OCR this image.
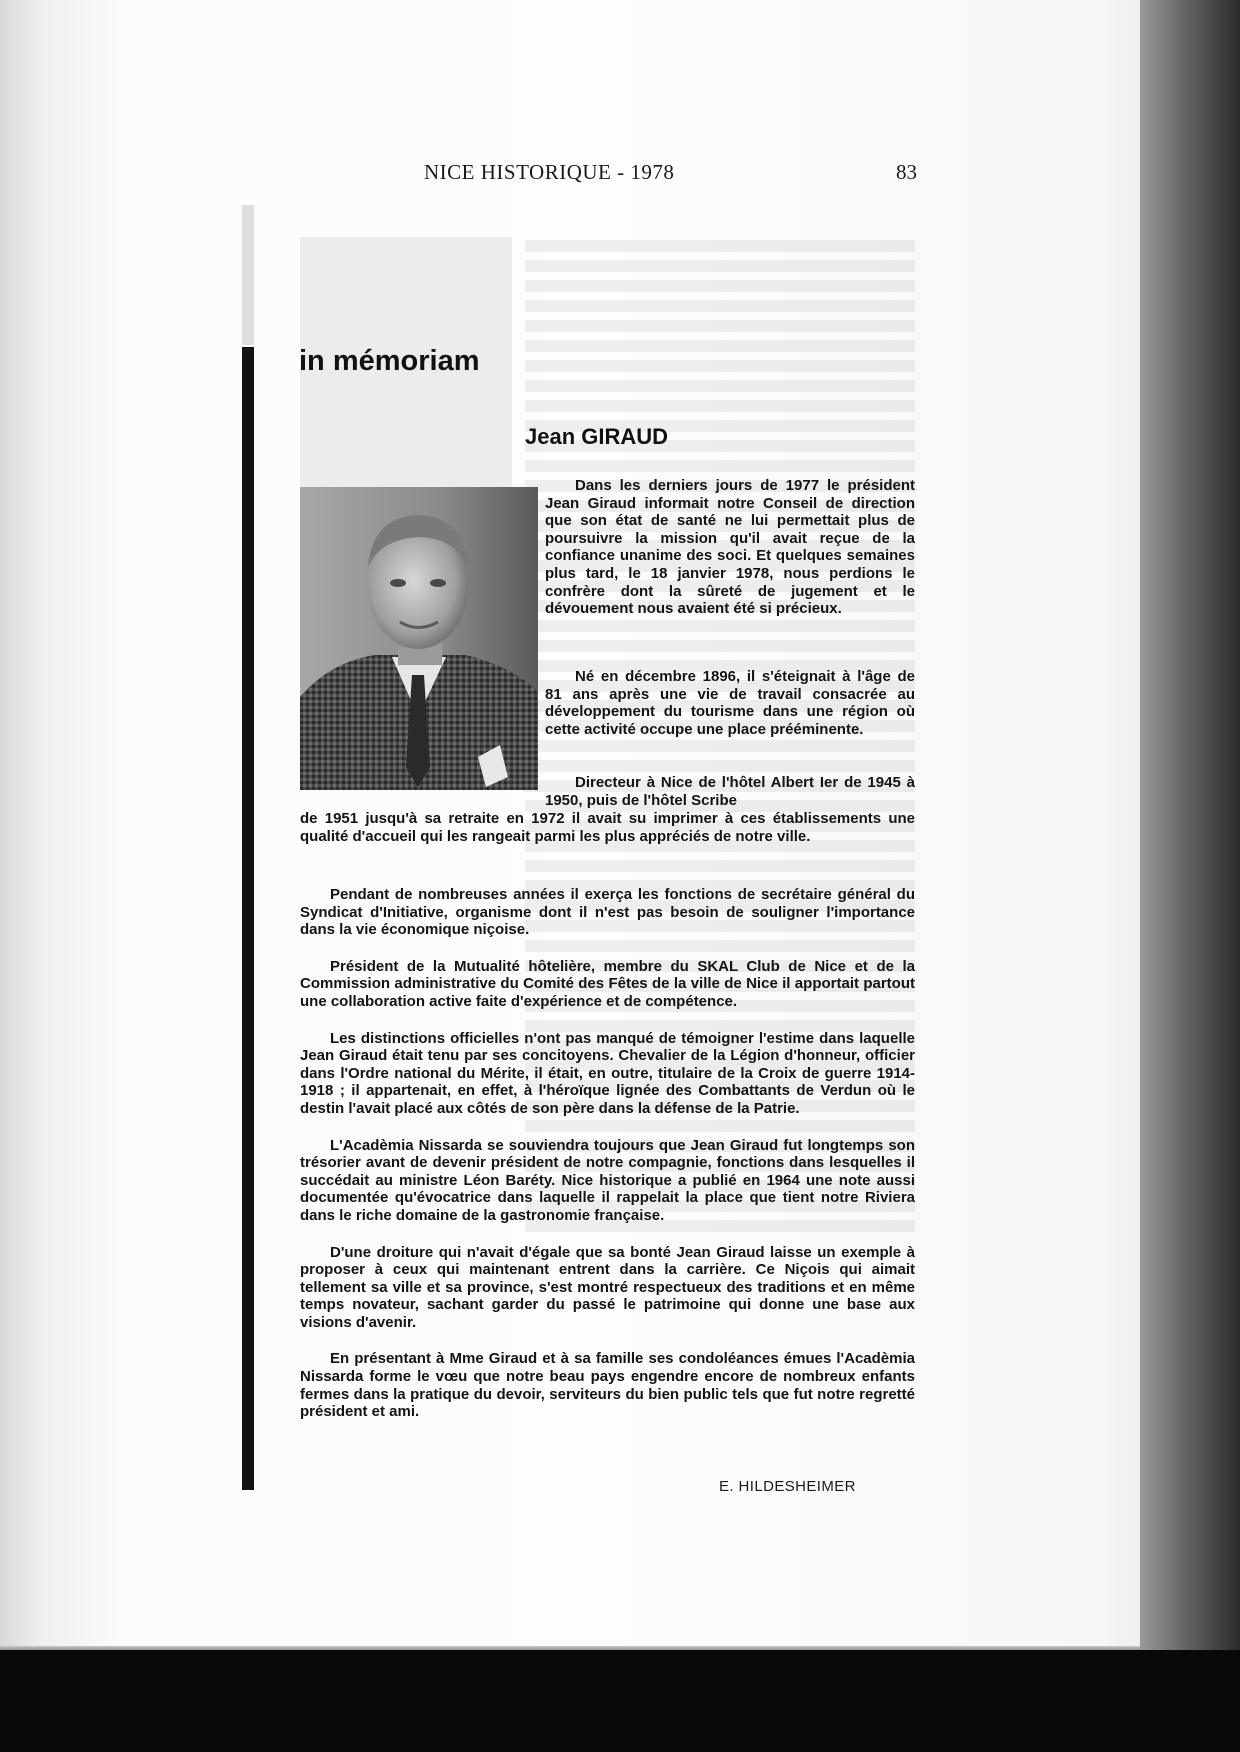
NICE HISTORIQUE - 1978	83
in mémoriam
Jean GIRAUD

Dans les derniers jours de 1977 le président Jean Giraud informait notre Conseil de direction que son état de santé ne lui permettait plus de poursuivre la mission qu'il avait reçue de la confiance unanime des soci. Et quelques semaines plus tard, le 18 janvier 1978, nous perdions le confrère dont la sûreté de jugement et le dévouement nous avaient été si précieux.

Né en décembre 1896, il s'éteignait à l'âge de 81 ans après une vie de travail consacrée au développement du tourisme dans une région où cette activité occupe une place prééminente.

Directeur à Nice de l'hôtel Albert Ier de 1945 à 1950, puis de l'hôtel Scribe

de 1951 jusqu'à sa retraite en 1972 il avait su imprimer à ces établissements une qualité d'accueil qui les rangeait parmi les plus appréciés de notre ville.

Pendant de nombreuses années il exerça les fonctions de secrétaire général du Syndicat d'Initiative, organisme dont il n'est pas besoin de souligner l'importance dans la vie économique niçoise.

Président de la Mutualité hôtelière, membre du SKAL Club de Nice et de la Commission administrative du Comité des Fêtes de la ville de Nice il apportait partout une collaboration active faite d'expérience et de compétence.

Les distinctions officielles n'ont pas manqué de témoigner l'estime dans laquelle Jean Giraud était tenu par ses concitoyens. Chevalier de la Légion d'honneur, officier dans l'Ordre national du Mérite, il était, en outre, titulaire de la Croix de guerre 1914-1918 ; il appartenait, en effet, à l'héroïque lignée des Combattants de Verdun où le destin l'avait placé aux côtés de son père dans la défense de la Patrie.

L'Acadèmia Nissarda se souviendra toujours que Jean Giraud fut longtemps son trésorier avant de devenir président de notre compagnie, fonctions dans lesquelles il succédait au ministre Léon Baréty. Nice historique a publié en 1964 une note aussi documentée qu'évocatrice dans laquelle il rappelait la place que tient notre Riviera dans le riche domaine de la gastronomie française.

D'une droiture qui n'avait d'égale que sa bonté Jean Giraud laisse un exemple à proposer à ceux qui maintenant entrent dans la carrière. Ce Niçois qui aimait tellement sa ville et sa province, s'est montré respectueux des traditions et en même temps novateur, sachant garder du passé le patrimoine qui donne une base aux visions d'avenir.

En présentant à Mme Giraud et à sa famille ses condoléances émues l'Acadèmia Nissarda forme le vœu que notre beau pays engendre encore de nombreux enfants fermes dans la pratique du devoir, serviteurs du bien public tels que fut notre regretté président et ami.

E. HILDESHEIMER
